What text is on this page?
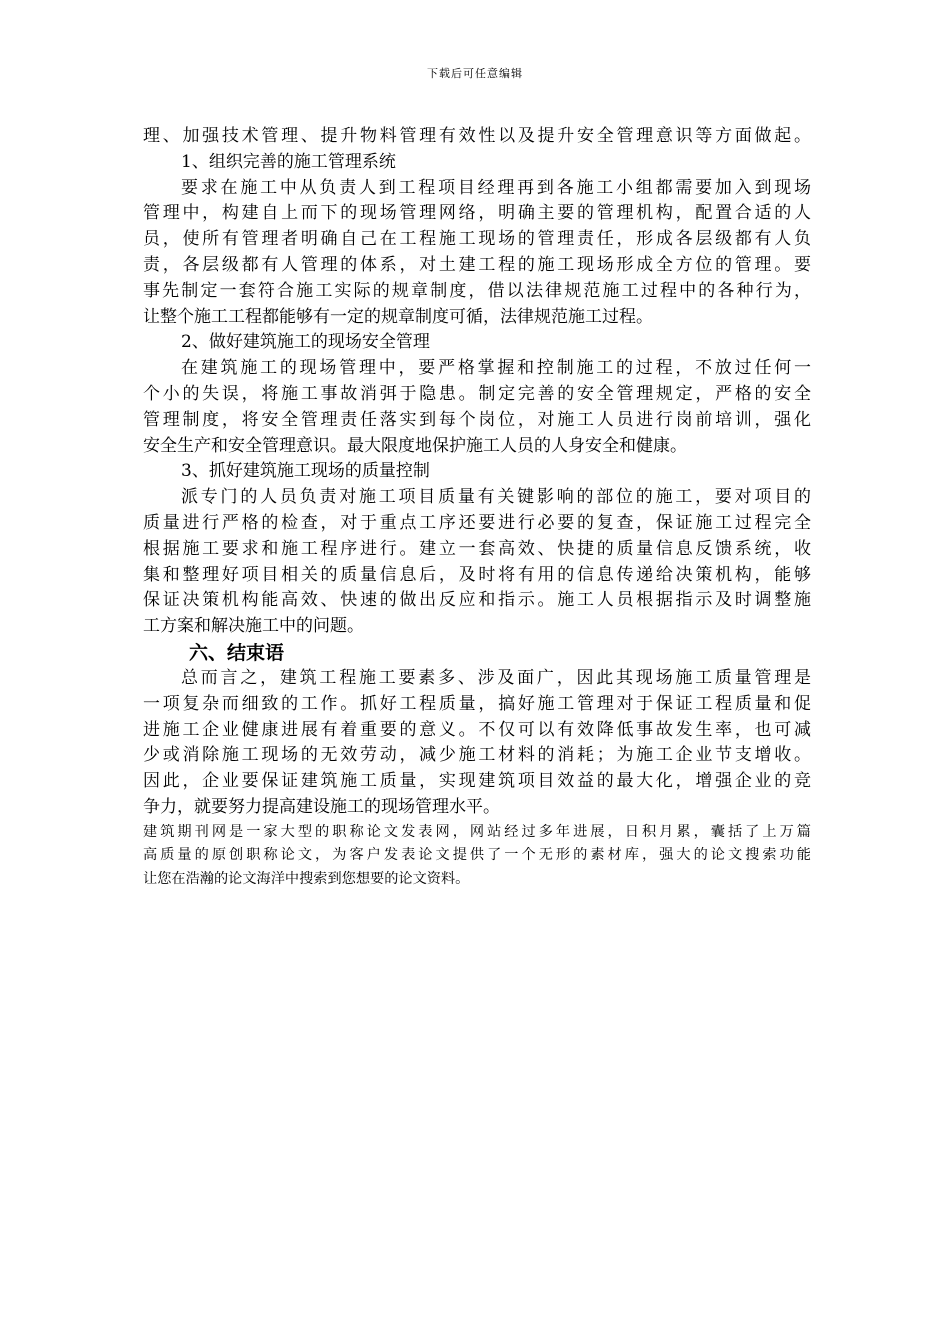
下载后可任意编辑
理、加强技术管理、提升物料管理有效性以及提升安全管理意识等方面做起。
1、组织完善的施工管理系统
要求在施工中从负责人到工程项目经理再到各施工小组都需要加入到现场
管理中，构建自上而下的现场管理网络，明确主要的管理机构，配置合适的人
员，使所有管理者明确自己在工程施工现场的管理责任，形成各层级都有人负
责，各层级都有人管理的体系，对土建工程的施工现场形成全方位的管理。要
事先制定一套符合施工实际的规章制度，借以法律规范施工过程中的各种行为，
让整个施工工程都能够有一定的规章制度可循，法律规范施工过程。
2、做好建筑施工的现场安全管理
在建筑施工的现场管理中，要严格掌握和控制施工的过程，不放过任何一
个小的失误，将施工事故消弭于隐患。制定完善的安全管理规定，严格的安全
管理制度，将安全管理责任落实到每个岗位，对施工人员进行岗前培训，强化
安全生产和安全管理意识。最大限度地保护施工人员的人身安全和健康。
3、抓好建筑施工现场的质量控制
派专门的人员负责对施工项目质量有关键影响的部位的施工，要对项目的
质量进行严格的检查，对于重点工序还要进行必要的复查，保证施工过程完全
根据施工要求和施工程序进行。建立一套高效、快捷的质量信息反馈系统，收
集和整理好项目相关的质量信息后，及时将有用的信息传递给决策机构，能够
保证决策机构能高效、快速的做出反应和指示。施工人员根据指示及时调整施
工方案和解决施工中的问题。
六、结束语
总而言之，建筑工程施工要素多、涉及面广，因此其现场施工质量管理是
一项复杂而细致的工作。抓好工程质量，搞好施工管理对于保证工程质量和促
进施工企业健康进展有着重要的意义。不仅可以有效降低事故发生率，也可减
少或消除施工现场的无效劳动，减少施工材料的消耗；为施工企业节支增收。
因此，企业要保证建筑施工质量，实现建筑项目效益的最大化，增强企业的竞
争力，就要努力提高建设施工的现场管理水平。
建筑期刊网是一家大型的职称论文发表网，网站经过多年进展，日积月累，囊括了上万篇
高质量的原创职称论文，为客户发表论文提供了一个无形的素材库，强大的论文搜索功能
让您在浩瀚的论文海洋中搜索到您想要的论文资料。
